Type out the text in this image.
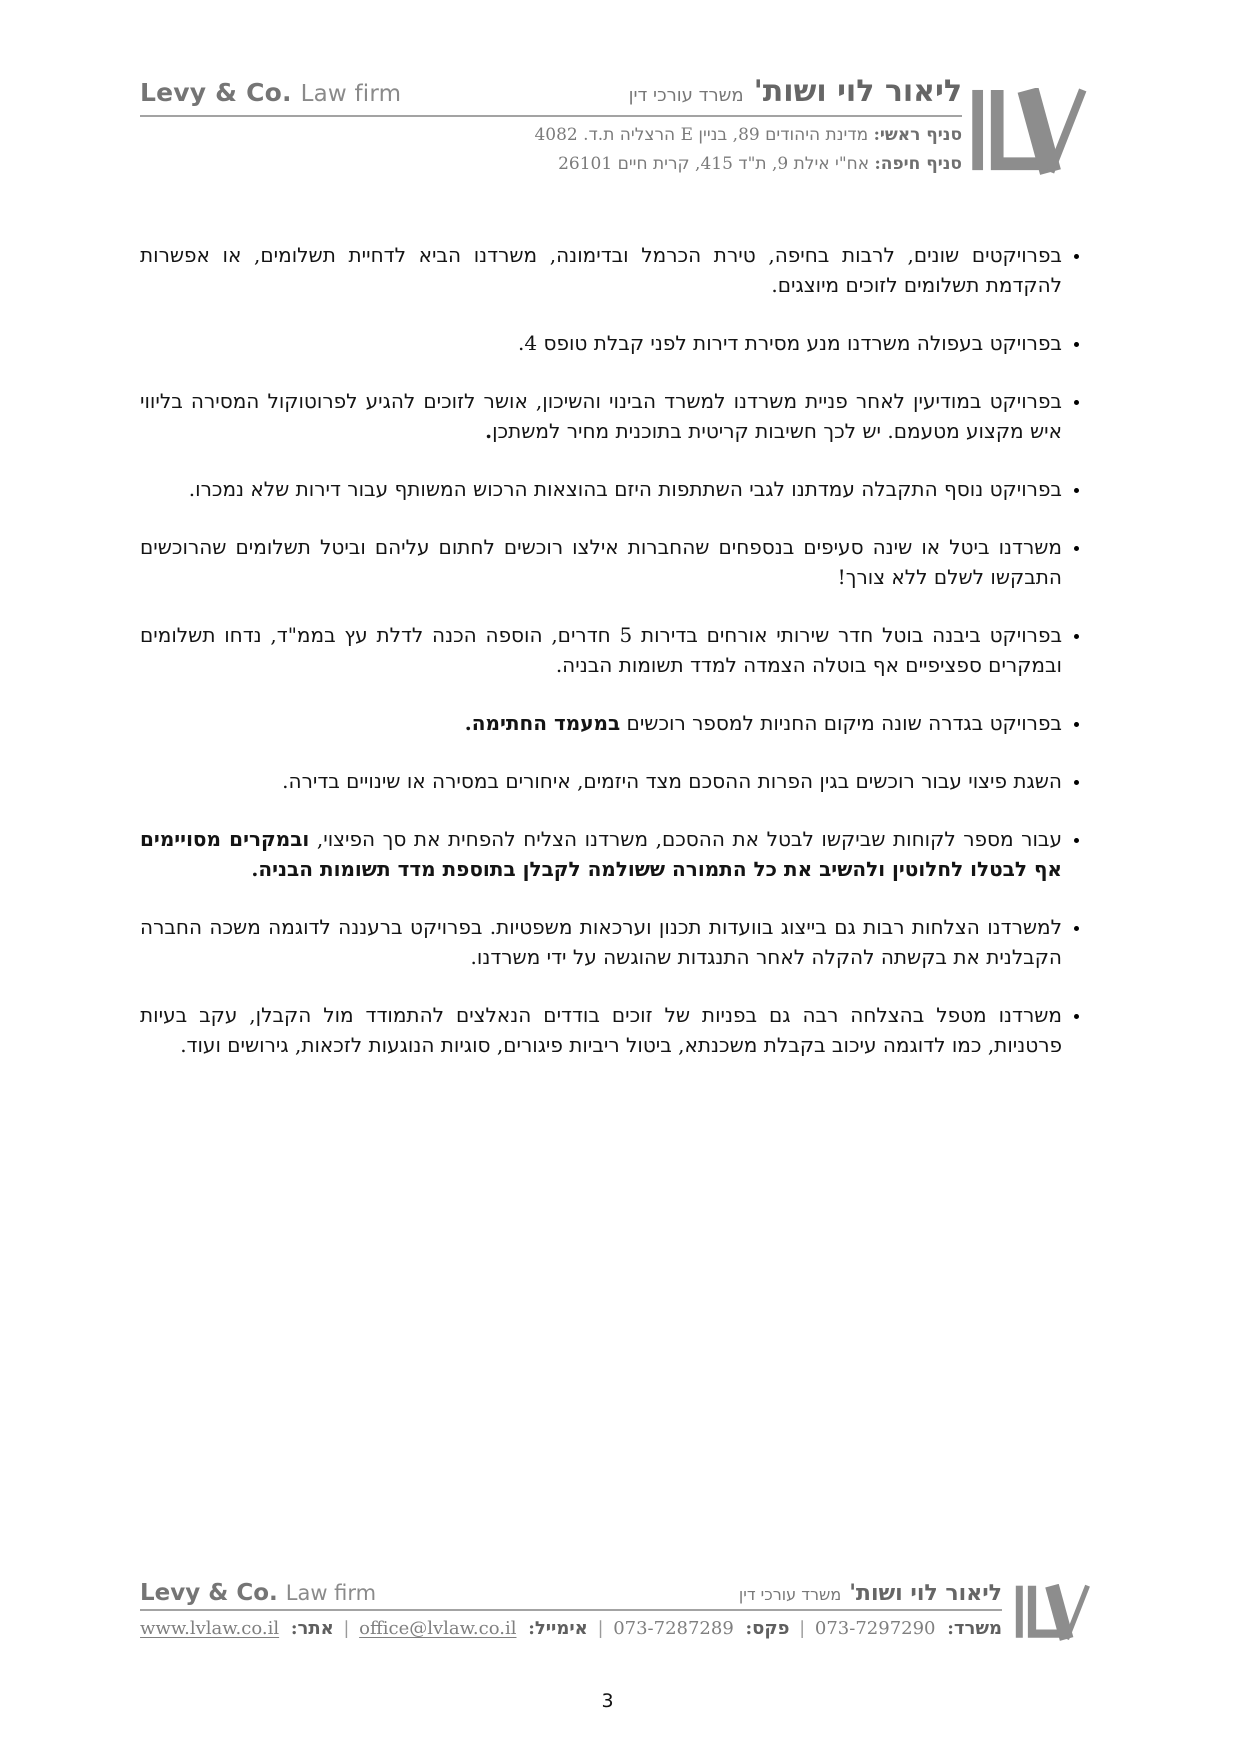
Levy & Co. Law firm	ליאור לוי ושות'משרד עורכי דין
סניף ראשי: מדינת היהודים 89, בניין E הרצליה ת.ד. 4082
סניף חיפה: אח"י אילת 9, ת"ד 415, קרית חיים 26101
• בפרויקטים שונים, לרבות בחיפה, טירת הכרמל ובדימונה, משרדנו הביא לדחיית תשלומים, או אפשרות להקדמת תשלומים לזוכים מיוצגים.
• בפרויקט בעפולה משרדנו מנע מסירת דירות לפני קבלת טופס 4.
• בפרויקט במודיעין לאחר פניית משרדנו למשרד הבינוי והשיכון, אושר לזוכים להגיע לפרוטוקול המסירה בליווי איש מקצוע מטעמם. יש לכך חשיבות קריטית בתוכנית מחיר למשתכן.
• בפרויקט נוסף התקבלה עמדתנו לגבי השתתפות היזם בהוצאות הרכוש המשותף עבור דירות שלא נמכרו.
• משרדנו ביטל או שינה סעיפים בנספחים שהחברות אילצו רוכשים לחתום עליהם וביטל תשלומים שהרוכשים התבקשו לשלם ללא צורך!
• בפרויקט ביבנה בוטל חדר שירותי אורחים בדירות 5 חדרים, הוספה הכנה לדלת עץ בממ"ד, נדחו תשלומים ובמקרים ספציפיים אף בוטלה הצמדה למדד תשומות הבניה.
• בפרויקט בגדרה שונה מיקום החניות למספר רוכשים במעמד החתימה.
• השגת פיצוי עבור רוכשים בגין הפרות ההסכם מצד היזמים, איחורים במסירה או שינויים בדירה.
• עבור מספר לקוחות שביקשו לבטל את ההסכם, משרדנו הצליח להפחית את סך הפיצוי, ובמקרים מסויימים אף לבטלו לחלוטין ולהשיב את כל התמורה ששולמה לקבלן בתוספת מדד תשומות הבניה.
• למשרדנו הצלחות רבות גם בייצוג בוועדות תכנון וערכאות משפטיות. בפרויקט ברעננה לדוגמה משכה החברה הקבלנית את בקשתה להקלה לאחר התנגדות שהוגשה על ידי משרדנו.
• משרדנו מטפל בהצלחה רבה גם בפניות של זוכים בודדים הנאלצים להתמודד מול הקבלן, עקב בעיות פרטניות, כמו לדוגמה עיכוב בקבלת משכנתא, ביטול ריביות פיגורים, סוגיות הנוגעות לזכאות, גירושים ועוד.
Levy & Co. Law firm	ליאור לוי ושות'משרד עורכי דין
משרד: 073-7297290
|
פקס: 073-7287289
|
אימייל: office@lvlaw.co.il
|
אתר: www.lvlaw.co.il
3
